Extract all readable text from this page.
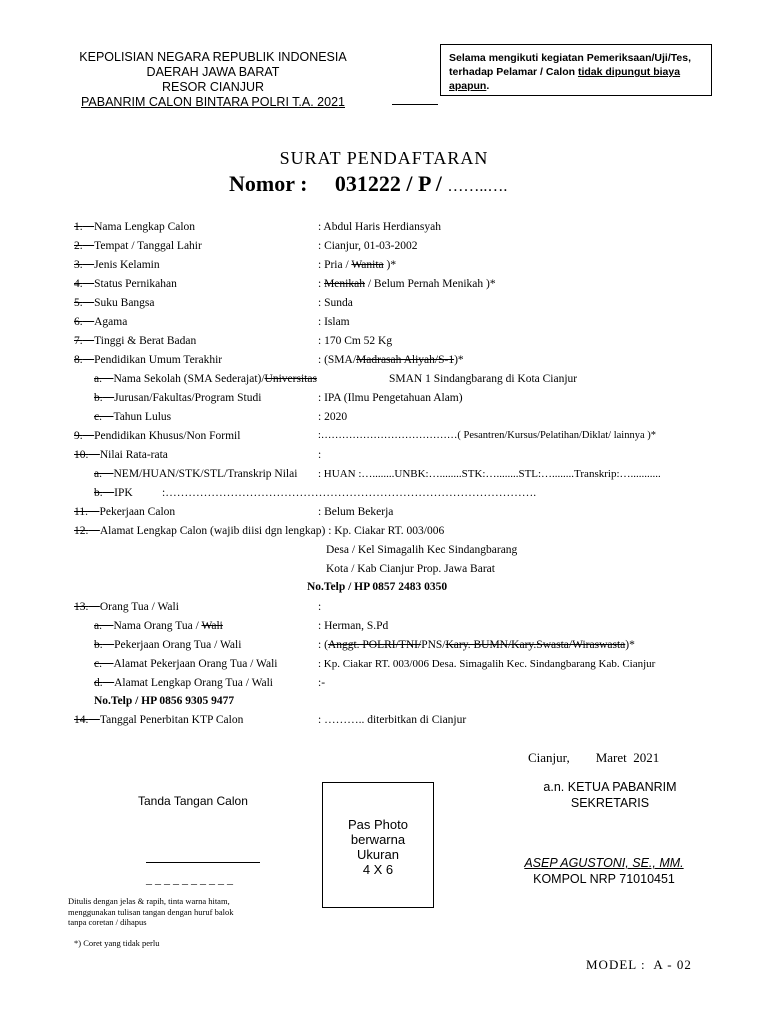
KEPOLISIAN NEGARA REPUBLIK INDONESIA
DAERAH JAWA BARAT
RESOR CIANJUR
PABANRIM CALON BINTARA POLRI T.A. 2021
Selama mengikuti kegiatan Pemeriksaan/Uji/Tes,
terhadap Pelamar / Calon tidak dipungut biaya apapun.
SURAT PENDAFTARAN
Nomor :     031222 / P / ……..….
1. Nama Lengkap Calon	: Abdul Haris Herdiansyah
2. Tempat / Tanggal Lahir	: Cianjur, 01-03-2002
3. Jenis Kelamin	: Pria / Wanita )*
4. Status Pernikahan	: Menikah / Belum Pernah Menikah )*
5. Suku Bangsa	: Sunda
6. Agama	: Islam
7. Tinggi & Berat Badan	: 170 Cm 52 Kg
8. Pendidikan Umum Terakhir	: (SMA/Madrasah Aliyah/S-1)*
a. Nama Sekolah (SMA Sederajat)/Universitas	SMAN 1 Sindangbarang di Kota Cianjur
b. Jurusan/Fakultas/Program Studi	: IPA (Ilmu Pengetahuan Alam)
c. Tahun Lulus	: 2020
9. Pendidikan Khusus/Non Formil	:…………………………………( Pesantren/Kursus/Pelatihan/Diklat/ lainnya )*
10. Nilai Rata-rata	:
a. NEM/HUAN/STK/STL/Transkrip Nilai : HUAN :…........UNBK:…........STK:…........STL:…........Transkrip:…...........
b. IPK	:…………………………………………………………………………………….
11. Pekerjaan Calon	: Belum Bekerja
12. Alamat Lengkap Calon (wajib diisi dgn lengkap) : Kp. Ciakar RT. 003/006
Desa / Kel Simagalih Kec Sindangbarang
Kota / Kab Cianjur Prop. Jawa Barat
No.Telp / HP 0857 2483 0350
13. Orang Tua / Wali	:
a. Nama Orang Tua / Wali	: Herman, S.Pd
b. Pekerjaan Orang Tua / Wali	: (Anggt. POLRI/TNI/PNS/Kary. BUMN/Kary.Swasta/Wiraswasta)*
c. Alamat Pekerjaan Orang Tua / Wali	: Kp. Ciakar RT. 003/006 Desa. Simagalih Kec. Sindangbarang Kab. Cianjur
d. Alamat Lengkap Orang Tua / Wali	:-
No.Telp / HP 0856 9305 9477
14. Tanggal Penerbitan KTP Calon	: ……….. diterbitkan di Cianjur
Cianjur,        Maret  2021
a.n. KETUA PABANRIM
SEKRETARIS
ASEP AGUSTONI, SE., MM.
KOMPOL NRP 71010451
Tanda Tangan Calon
_ _ _ _ _ _ _ _ _ _
Pas Photo
berwarna
Ukuran
4 X 6
Ditulis dengan jelas & rapih, tinta warna hitam,
menggunakan tulisan tangan dengan huruf balok
tanpa coretan / dihapus
*) Coret yang tidak perlu
MODEL :  A - 02
